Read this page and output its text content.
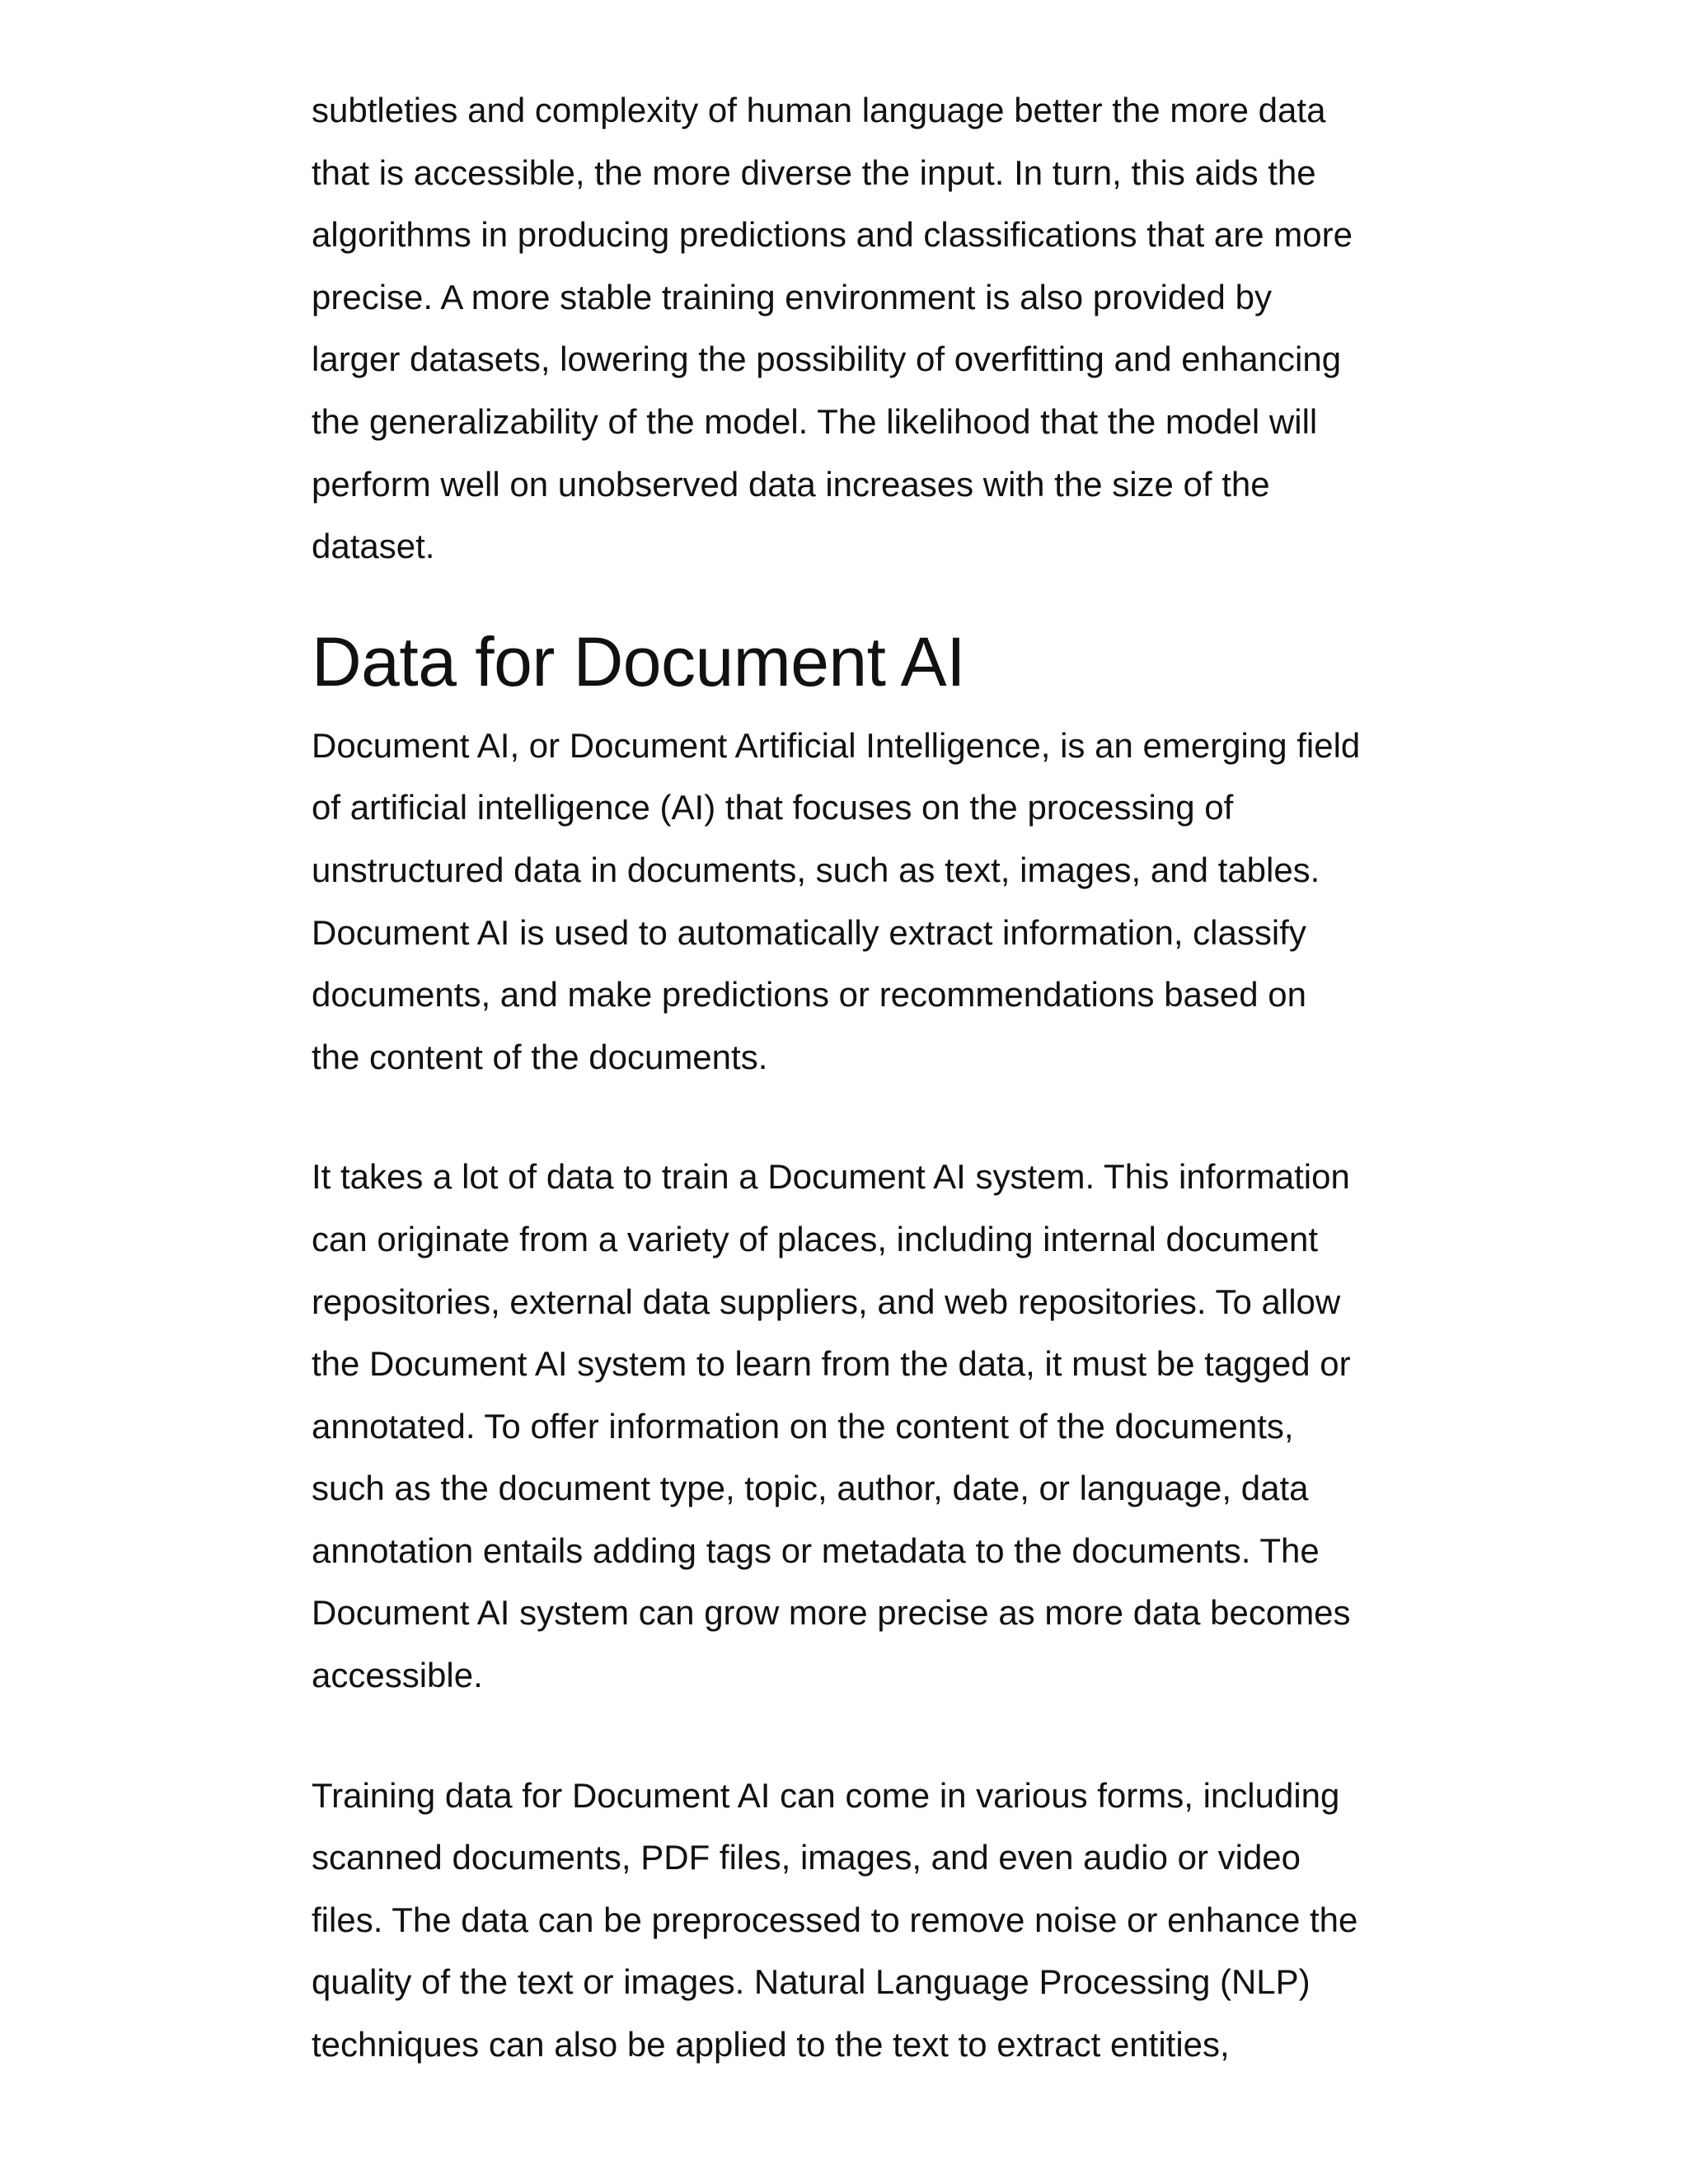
subtleties and complexity of human language better the more data
that is accessible, the more diverse the input. In turn, this aids the
algorithms in producing predictions and classifications that are more
precise. A more stable training environment is also provided by
larger datasets, lowering the possibility of overfitting and enhancing
the generalizability of the model. The likelihood that the model will
perform well on unobserved data increases with the size of the
dataset.

Data for Document AI

Document AI, or Document Artificial Intelligence, is an emerging field
of artificial intelligence (AI) that focuses on the processing of
unstructured data in documents, such as text, images, and tables.
Document AI is used to automatically extract information, classify
documents, and make predictions or recommendations based on
the content of the documents.

It takes a lot of data to train a Document AI system. This information
can originate from a variety of places, including internal document
repositories, external data suppliers, and web repositories. To allow
the Document AI system to learn from the data, it must be tagged or
annotated. To offer information on the content of the documents,
such as the document type, topic, author, date, or language, data
annotation entails adding tags or metadata to the documents. The
Document AI system can grow more precise as more data becomes
accessible.

Training data for Document AI can come in various forms, including
scanned documents, PDF files, images, and even audio or video
files. The data can be preprocessed to remove noise or enhance the
quality of the text or images. Natural Language Processing (NLP)
techniques can also be applied to the text to extract entities,
